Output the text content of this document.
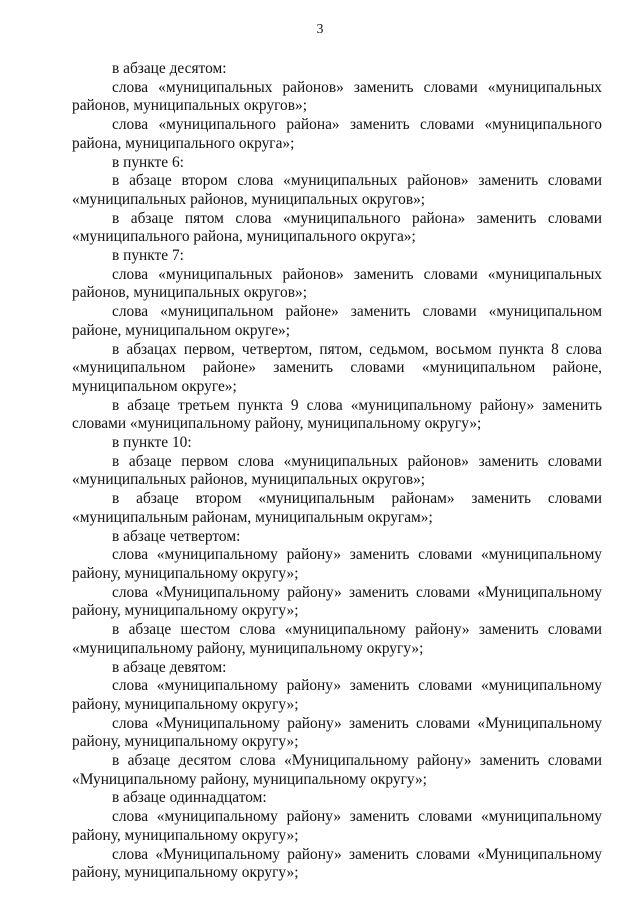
3

в абзаце десятом:

слова «муниципальных районов» заменить словами «муниципальных районов, муниципальных округов»;

слова «муниципального района» заменить словами «муниципального района, муниципального округа»;

в пункте 6:

в абзаце втором слова «муниципальных районов» заменить словами «муниципальных районов, муниципальных округов»;

в абзаце пятом слова «муниципального района» заменить словами «муниципального района, муниципального округа»;

в пункте 7:

слова «муниципальных районов» заменить словами «муниципальных районов, муниципальных округов»;

слова «муниципальном районе» заменить словами «муниципальном районе, муниципальном округе»;

в абзацах первом, четвертом, пятом, седьмом, восьмом пункта 8 слова «муниципальном районе» заменить словами «муниципальном районе, муниципальном округе»;

в абзаце третьем пункта 9 слова «муниципальному району» заменить словами «муниципальному району, муниципальному округу»;

в пункте 10:

в абзаце первом слова «муниципальных районов» заменить словами «муниципальных районов, муниципальных округов»;

в абзаце втором «муниципальным районам» заменить словами «муниципальным районам, муниципальным округам»;

в абзаце четвертом:

слова «муниципальному району» заменить словами «муниципальному району, муниципальному округу»;

слова «Муниципальному району» заменить словами «Муниципальному району, муниципальному округу»;

в абзаце шестом слова «муниципальному району» заменить словами «муниципальному району, муниципальному округу»;

в абзаце девятом:

слова «муниципальному району» заменить словами «муниципальному району, муниципальному округу»;

слова «Муниципальному району» заменить словами «Муниципальному району, муниципальному округу»;

в абзаце десятом слова «Муниципальному району» заменить словами «Муниципальному району, муниципальному округу»;

в абзаце одиннадцатом:

слова «муниципальному району» заменить словами «муниципальному району, муниципальному округу»;

слова «Муниципальному району» заменить словами «Муниципальному району, муниципальному округу»;
